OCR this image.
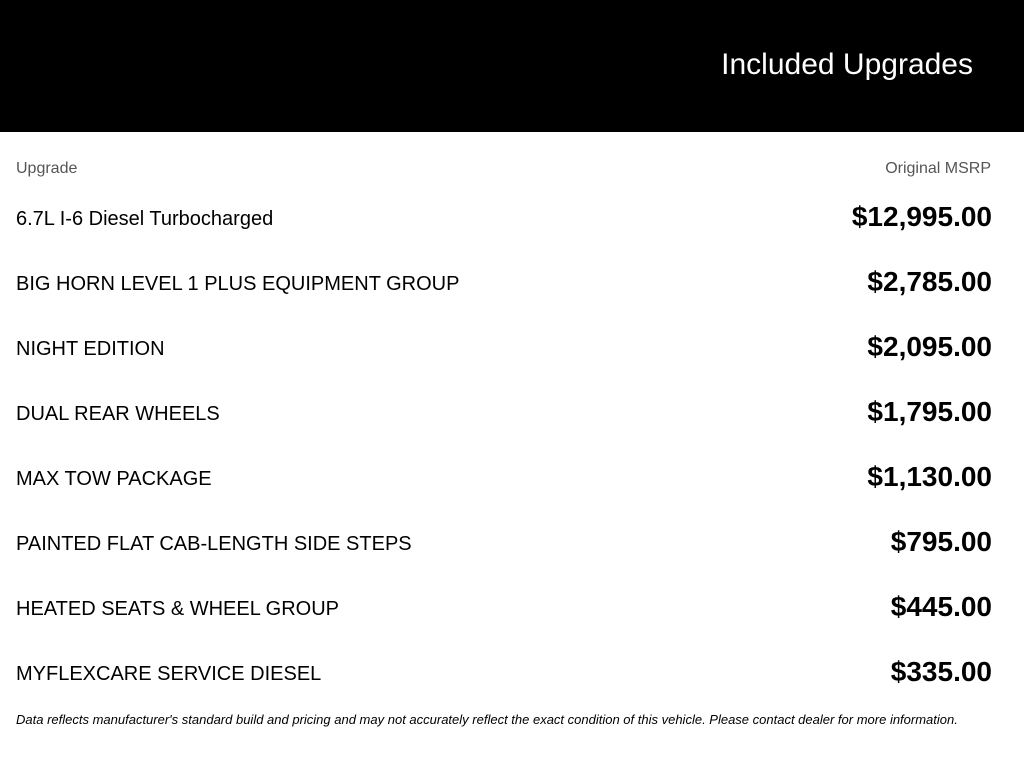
Included Upgrades
Upgrade	Original MSRP
6.7L I-6 Diesel Turbocharged	$12,995.00
BIG HORN LEVEL 1 PLUS EQUIPMENT GROUP	$2,785.00
NIGHT EDITION	$2,095.00
DUAL REAR WHEELS	$1,795.00
MAX TOW PACKAGE	$1,130.00
PAINTED FLAT CAB-LENGTH SIDE STEPS	$795.00
HEATED SEATS & WHEEL GROUP	$445.00
MYFLEXCARE SERVICE DIESEL	$335.00
Data reflects manufacturer's standard build and pricing and may not accurately reflect the exact condition of this vehicle. Please contact dealer for more information.
